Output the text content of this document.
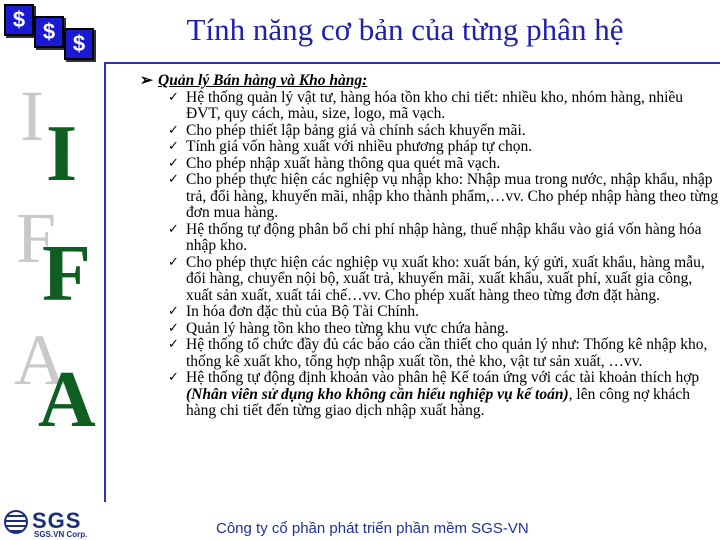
$ $ $	Tính năng cơ bản của từng phân hệ
I I
F
F
A
A
➢ Quản lý Bán hàng và Kho hàng:
✓ Hệ thống quản lý vật tư, hàng hóa tồn kho chi tiết: nhiều kho, nhóm hàng, nhiều ĐVT, quy cách, màu, size, logo, mã vạch.
✓ Cho phép thiết lập bảng giá và chính sách khuyến mãi.
✓ Tính giá vốn hàng xuất với nhiều phương pháp tự chọn.
✓ Cho phép nhập xuất hàng thông qua quét mã vạch.
✓ Cho phép thực hiện các nghiệp vụ nhập kho: Nhập mua trong nước, nhập khẩu, nhập trả, đổi hàng, khuyến mãi, nhập kho thành phẩm,…vv. Cho phép nhập hàng theo từng đơn mua hàng.
✓ Hệ thống tự động phân bổ chi phí nhập hàng, thuế nhập khẩu vào giá vốn hàng hóa nhập kho.
✓ Cho phép thực hiện các nghiệp vụ xuất kho: xuất bán, ký gửi, xuất khẩu, hàng mẫu, đổi hàng, chuyển nội bộ, xuất trả, khuyến mãi, xuất khẩu, xuất phí, xuất gia công, xuất sản xuất, xuất tái chế…vv. Cho phép xuất hàng theo từng đơn đặt hàng.
✓ In hóa đơn đặc thù của Bộ Tài Chính.
✓ Quản lý hàng tồn kho theo từng khu vực chứa hàng.
✓ Hệ thống tổ chức đầy đủ các báo cáo cần thiết cho quản lý như: Thống kê nhập kho, thống kê xuất kho, tổng hợp nhập xuất tồn, thẻ kho, vật tư sản xuất, …vv.
✓ Hệ thống tự động định khoản vào phân hệ Kế toán ứng với các tài khoản thích hợp (Nhân viên sử dụng kho không cần hiểu nghiệp vụ kế toán), lên công nợ khách hàng chi tiết đến từng giao dịch nhập xuất hàng.
SGS
SGS.VN Corp.	Công ty cổ phần phát triển phần mềm SGS-VN
